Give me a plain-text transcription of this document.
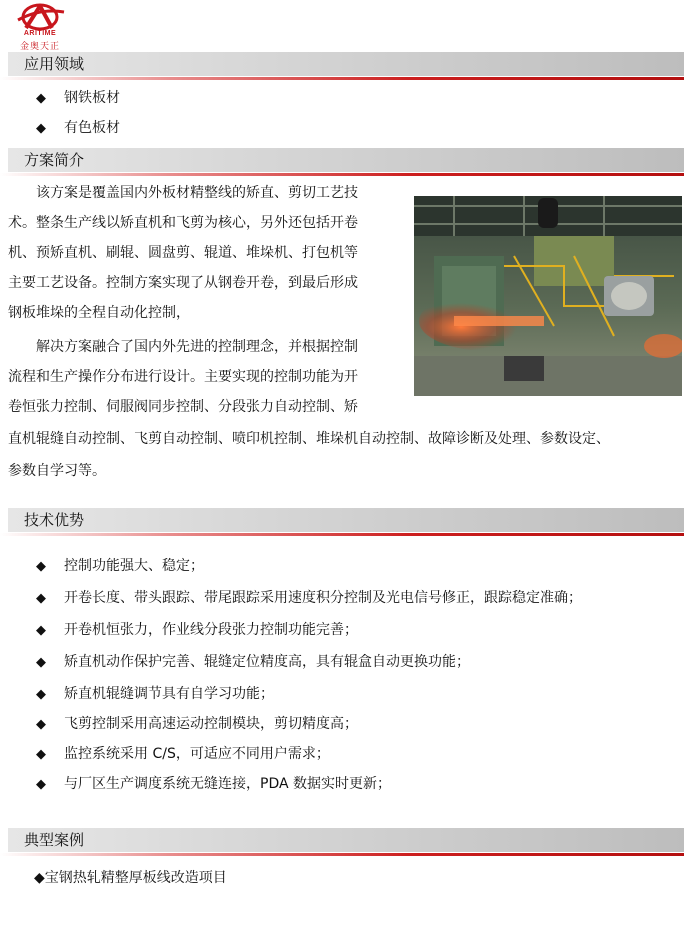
ARITIME
金奥天正
应用领域
◆ 钢铁板材
◆ 有色板材
方案简介
该方案是覆盖国内外板材精整线的矫直、剪切工艺技
术。整条生产线以矫直机和飞剪为核心，另外还包括开卷
机、预矫直机、刷辊、圆盘剪、辊道、堆垛机、打包机等
主要工艺设备。控制方案实现了从钢卷开卷，到最后形成
钢板堆垛的全程自动化控制，
解决方案融合了国内外先进的控制理念，并根据控制
流程和生产操作分布进行设计。主要实现的控制功能为开
卷恒张力控制、伺服阀同步控制、分段张力自动控制、矫
直机辊缝自动控制、飞剪自动控制、喷印机控制、堆垛机自动控制、故障诊断及处理、参数设定、
参数自学习等。
技术优势
◆ 控制功能强大、稳定；
◆ 开卷长度、带头跟踪、带尾跟踪采用速度积分控制及光电信号修正，跟踪稳定准确；
◆ 开卷机恒张力，作业线分段张力控制功能完善；
◆ 矫直机动作保护完善、辊缝定位精度高，具有辊盒自动更换功能；
◆ 矫直机辊缝调节具有自学习功能；
◆ 飞剪控制采用高速运动控制模块，剪切精度高；
◆ 监控系统采用 C/S，可适应不同用户需求；
◆ 与厂区生产调度系统无缝连接，PDA 数据实时更新；
典型案例
◆宝钢热轧精整厚板线改造项目
